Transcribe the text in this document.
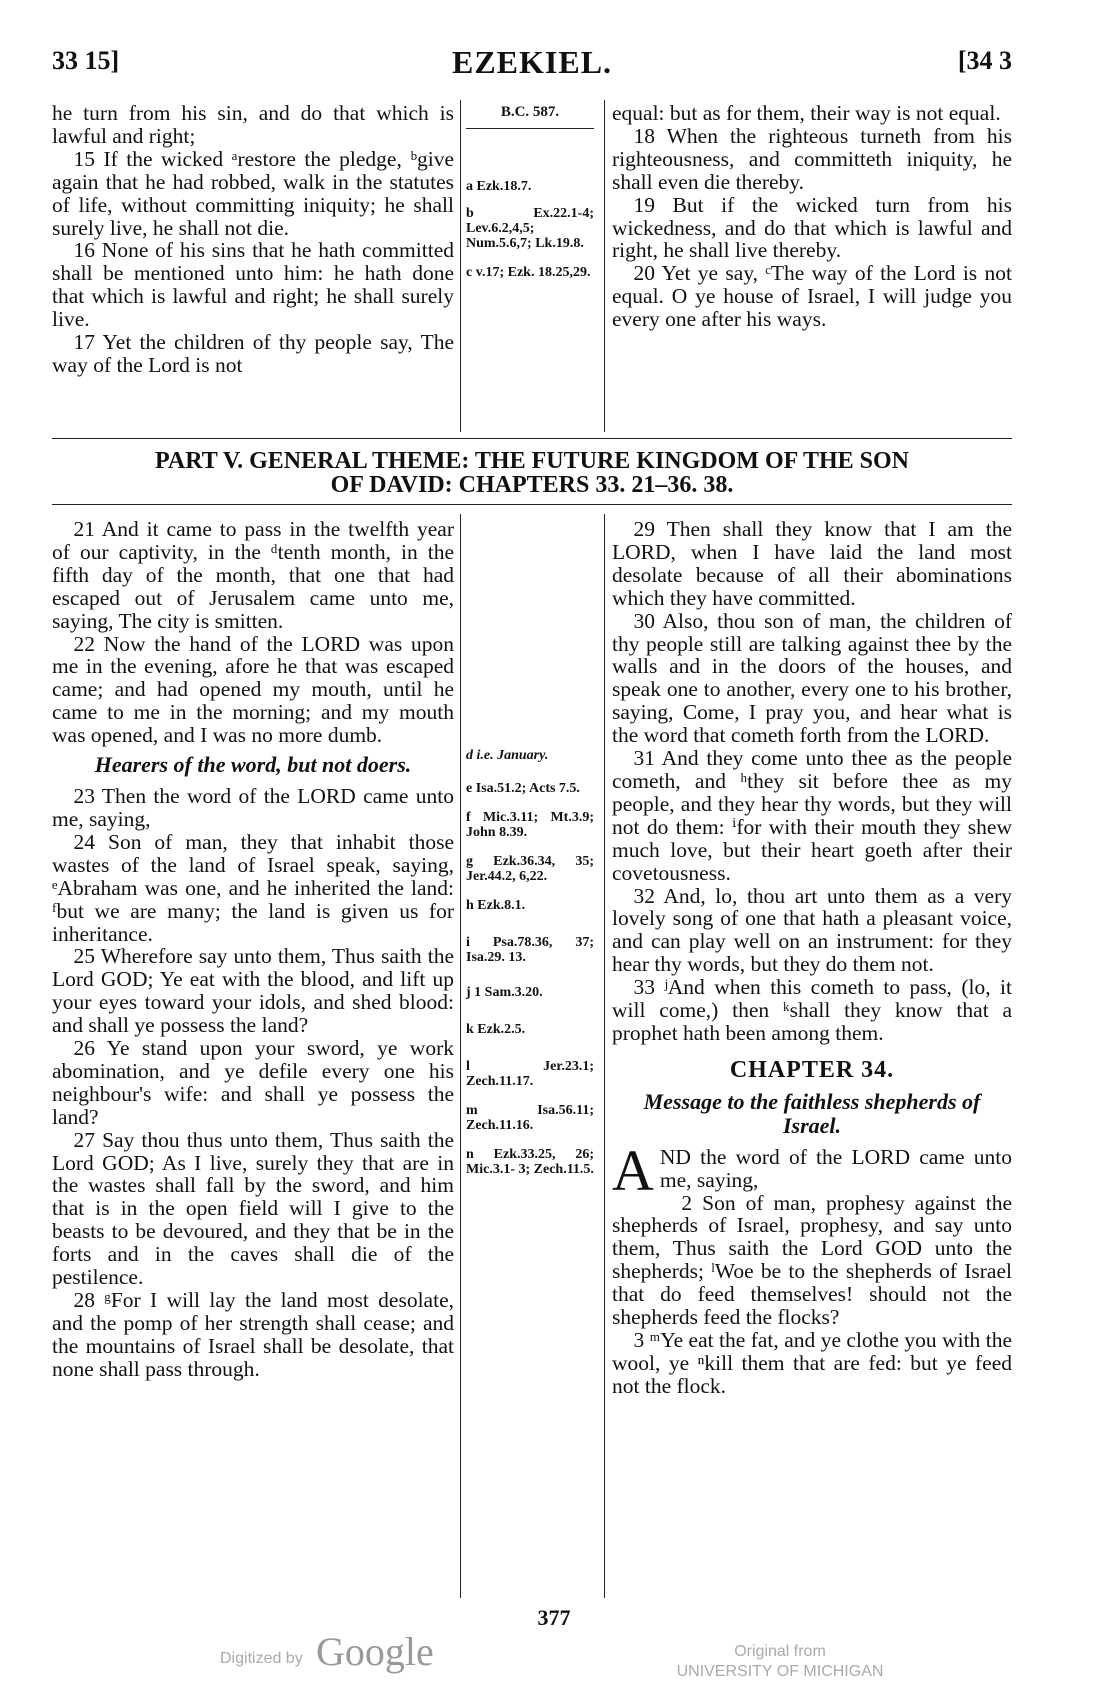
33 15]	EZEKIEL.	[34 3

he turn from his sin, and do that which is lawful and right;

15 If the wicked ᵃrestore the pledge, ᵇgive again that he had robbed, walk in the statutes of life, without committing iniquity; he shall surely live, he shall not die.

16 None of his sins that he hath committed shall be mentioned unto him: he hath done that which is lawful and right; he shall surely live.

17 Yet the children of thy people say, The way of the Lord is not

B.C. 587.
a Ezk.18.7.
b Ex.22.1-4; Lev.6.2,4,5; Num.5.6,7; Lk.19.8.
c v.17; Ezk. 18.25,29.

equal: but as for them, their way is not equal.

18 When the righteous turneth from his righteousness, and committeth iniquity, he shall even die thereby.

19 But if the wicked turn from his wickedness, and do that which is lawful and right, he shall live thereby.

20 Yet ye say, ᶜThe way of the Lord is not equal. O ye house of Israel, I will judge you every one after his ways.

PART V. GENERAL THEME: THE FUTURE KINGDOM OF THE SON
OF DAVID: CHAPTERS 33. 21–36. 38.

21 And it came to pass in the twelfth year of our captivity, in the ᵈtenth month, in the fifth day of the month, that one that had escaped out of Jerusalem came unto me, saying, The city is smitten.

22 Now the hand of the LORD was upon me in the evening, afore he that was escaped came; and had opened my mouth, until he came to me in the morning; and my mouth was opened, and I was no more dumb.

Hearers of the word, but not doers.

23 Then the word of the LORD came unto me, saying,

24 Son of man, they that inhabit those wastes of the land of Israel speak, saying, ᵉAbraham was one, and he inherited the land: ᶠbut we are many; the land is given us for inheritance.

25 Wherefore say unto them, Thus saith the Lord GOD; Ye eat with the blood, and lift up your eyes toward your idols, and shed blood: and shall ye possess the land?

26 Ye stand upon your sword, ye work abomination, and ye defile every one his neighbour's wife: and shall ye possess the land?

27 Say thou thus unto them, Thus saith the Lord GOD; As I live, surely they that are in the wastes shall fall by the sword, and him that is in the open field will I give to the beasts to be devoured, and they that be in the forts and in the caves shall die of the pestilence.

28 ᵍFor I will lay the land most desolate, and the pomp of her strength shall cease; and the mountains of Israel shall be desolate, that none shall pass through.

d i.e. January.
e Isa.51.2; Acts 7.5.
f Mic.3.11; Mt.3.9; John 8.39.
g Ezk.36.34, 35; Jer.44.2, 6,22.
h Ezk.8.1.
i Psa.78.36, 37; Isa.29. 13.
j 1 Sam.3.20.
k Ezk.2.5.
l Jer.23.1; Zech.11.17.
m Isa.56.11; Zech.11.16.
n Ezk.33.25, 26; Mic.3.1- 3; Zech.11.5.

29 Then shall they know that I am the LORD, when I have laid the land most desolate because of all their abominations which they have committed.

30 Also, thou son of man, the children of thy people still are talking against thee by the walls and in the doors of the houses, and speak one to another, every one to his brother, saying, Come, I pray you, and hear what is the word that cometh forth from the LORD.

31 And they come unto thee as the people cometh, and ʰthey sit before thee as my people, and they hear thy words, but they will not do them: ⁱfor with their mouth they shew much love, but their heart goeth after their covetousness.

32 And, lo, thou art unto them as a very lovely song of one that hath a pleasant voice, and can play well on an instrument: for they hear thy words, but they do them not.

33 ʲAnd when this cometh to pass, (lo, it will come,) then ᵏshall they know that a prophet hath been among them.

CHAPTER 34.
Message to the faithless shepherds of Israel.

AND the word of the LORD came unto me, saying,

2 Son of man, prophesy against the shepherds of Israel, prophesy, and say unto them, Thus saith the Lord GOD unto the shepherds; ˡWoe be to the shepherds of Israel that do feed themselves! should not the shepherds feed the flocks?

3 ᵐYe eat the fat, and ye clothe you with the wool, ye ⁿkill them that are fed: but ye feed not the flock.

377
Digitized by Google	Original from
UNIVERSITY OF MICHIGAN
